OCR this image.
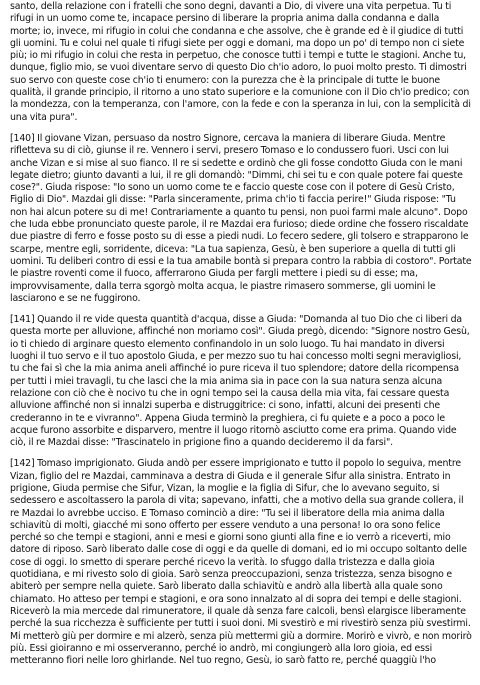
santo, della relazione con i fratelli che sono degni, davanti a Dio, di vivere una vita perpetua. Tu ti rifugi in un uomo come te, incapace persino di liberare la propria anima dalla condanna e dalla morte; io, invece, mi rifugio in colui che condanna e che assolve, che è grande ed è il giudice di tutti gli uomini. Tu e colui nel quale ti rifugi siete per oggi e domani, ma dopo un po' di tempo non ci siete più; io mi rifugio in colui che resta in perpetuo, che conosce tutti i tempi e tutte le stagioni. Anche tu, dunque, figlio mio, se vuoi diventare servo di questo Dio ch'io adoro, lo puoi molto presto. Ti dimostri suo servo con queste cose ch'io ti enumero: con la purezza che è la principale di tutte le buone qualità, il grande principio, il ritorno a uno stato superiore e la comunione con il Dio ch'io predico; con la mondezza, con la temperanza, con l'amore, con la fede e con la speranza in lui, con la semplicità di una vita pura".

[140] Il giovane Vizan, persuaso da nostro Signore, cercava la maniera di liberare Giuda. Mentre rifletteva su di ciò, giunse il re. Vennero i servi, presero Tomaso e lo condussero fuori. Usci con lui anche Vizan e si mise al suo fianco. Il re si sedette e ordinò che gli fosse condotto Giuda con le mani legate dietro; giunto davanti a lui, il re gli domandò: "Dimmi, chi sei tu e con quale potere fai queste cose?". Giuda rispose: "Io sono un uomo come te e faccio queste cose con il potere di Gesù Cristo, Figlio di Dio". Mazdai gli disse: "Parla sinceramente, prima ch'io ti faccia perire!" Giuda rispose: "Tu non hai alcun potere su di me! Contrariamente a quanto tu pensi, non puoi farmi male alcuno". Dopo che Iuda ebbe pronunciato queste parole, il re Mazdai era furioso; diede ordine che fossero riscaldate due piastre di ferro e fosse posto su di esse a piedi nudi. Lo fecero sedere, gli tolsero e strapparono le scarpe, mentre egli, sorridente, diceva: "La tua sapienza, Gesù, è ben superiore a quella di tutti gli uomini. Tu deliberi contro di essi e la tua amabile bontà si prepara contro la rabbia di costoro". Portate le piastre roventi come il fuoco, afferrarono Giuda per fargli mettere i piedi su di esse; ma, improvvisamente, dalla terra sgorgò molta acqua, le piastre rimasero sommerse, gli uomini le lasciarono e se ne fuggirono.

[141] Quando il re vide questa quantità d'acqua, disse a Giuda: "Domanda al tuo Dio che ci liberi da questa morte per alluvione, affinché non moriamo così". Giuda pregò, dicendo: "Signore nostro Gesù, io ti chiedo di arginare questo elemento confinandolo in un solo luogo. Tu hai mandato in diversi luoghi il tuo servo e il tuo apostolo Giuda, e per mezzo suo tu hai concesso molti segni meravigliosi, tu che fai sì che la mia anima aneli affinché io pure riceva il tuo splendore; datore della ricompensa per tutti i miei travagli, tu che lasci che la mia anima sia in pace con la sua natura senza alcuna relazione con ciò che è nocivo tu che in ogni tempo sei la causa della mia vita, fai cessare questa alluvione affinché non si innalzi superba e distruggitrice: ci sono, infatti, alcuni dei presenti che crederanno in te e vivranno". Appena Giuda terminò la preghiera, ci fu quiete e a poco a poco le acque furono assorbite e disparvero, mentre il luogo ritornò asciutto come era prima. Quando vide ciò, il re Mazdai disse: "Trascinatelo in prigione fino a quando decideremo il da farsi".

[142] Tomaso imprigionato. Giuda andò per essere imprigionato e tutto il popolo lo seguiva, mentre Vizan, figlio del re Mazdai, camminava a destra di Giuda e il generale Sifur alla sinistra. Entrato in prigione, Giuda permise che Sifur, Vizan, la moglie e la figlia di Sifur, che lo avevano seguito, si sedessero e ascoltassero la parola di vita; sapevano, infatti, che a motivo della sua grande collera, il re Mazdai lo avrebbe ucciso. E Tomaso cominciò a dire: "Tu sei il liberatore della mia anima dalla schiavitù di molti, giacché mi sono offerto per essere venduto a una persona! Io ora sono felice perché so che tempi e stagioni, anni e mesi e giorni sono giunti alla fine e io verrò a riceverti, mio datore di riposo. Sarò liberato dalle cose di oggi e da quelle di domani, ed io mi occupo soltanto delle cose di oggi. Io smetto di sperare perché ricevo la verità. Io sfuggo dalla tristezza e dalla gioia quotidiana, e mi rivesto solo di gioia. Sarò senza preoccupazioni, senza tristezza, senza bisogno e abiterò per sempre nella quiete. Sarò liberato dalla schiavitù e andrò alla libertà alla quale sono chiamato. Ho atteso per tempi e stagioni, e ora sono innalzato al di sopra dei tempi e delle stagioni. Riceverò la mia mercede dal rimuneratore, il quale dà senza fare calcoli, bensì elargisce liberamente perché la sua ricchezza è sufficiente per tutti i suoi doni. Mi svestirò e mi rivestirò senza più svestirmi. Mi metterò giù per dormire e mi alzerò, senza più mettermi giù a dormire. Morirò e vivrò, e non morirò più. Essi gioiranno e mi osserveranno, perché io andrò, mi congiungerò alla loro gioia, ed essi metteranno fiori nelle loro ghirlande. Nel tuo regno, Gesù, io sarò fatto re, perché quaggiù l'ho
